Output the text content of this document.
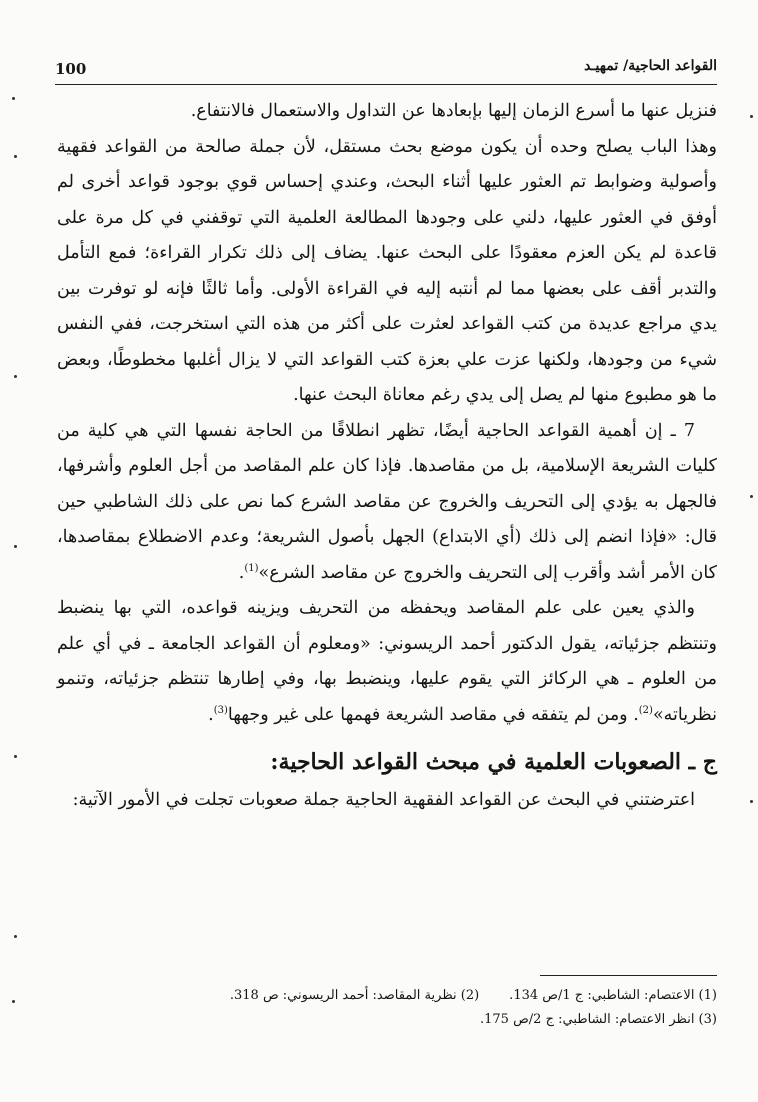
100	القواعد الحاجية/ تمهيـد

فنزيل عنها ما أسرع الزمان إليها بإبعادها عن التداول والاستعمال فالانتفاع.

وهذا الباب يصلح وحده أن يكون موضع بحث مستقل، لأن جملة صالحة من القواعد فقهية وأصولية وضوابط تم العثور عليها أثناء البحث، وعندي إحساس قوي بوجود قواعد أخرى لم أوفق في العثور عليها، دلني على وجودها المطالعة العلمية التي توقفني في كل مرة على قاعدة لم يكن العزم معقودًا على البحث عنها. يضاف إلى ذلك تكرار القراءة؛ فمع التأمل والتدبر أقف على بعضها مما لم أنتبه إليه في القراءة الأولى. وأما ثالثًا فإنه لو توفرت بين يدي مراجع عديدة من كتب القواعد لعثرت على أكثر من هذه التي استخرجت، ففي النفس شيء من وجودها، ولكنها عزت علي بعزة كتب القواعد التي لا يزال أغلبها مخطوطًا، وبعض ما هو مطبوع منها لم يصل إلى يدي رغم معاناة البحث عنها.

7 ـ إن أهمية القواعد الحاجية أيضًا، تظهر انطلاقًا من الحاجة نفسها التي هي كلية من كليات الشريعة الإسلامية، بل من مقاصدها. فإذا كان علم المقاصد من أجل العلوم وأشرفها، فالجهل به يؤدي إلى التحريف والخروج عن مقاصد الشرع كما نص على ذلك الشاطبي حين قال: «فإذا انضم إلى ذلك (أي الابتداع) الجهل بأصول الشريعة؛ وعدم الاضطلاع بمقاصدها، كان الأمر أشد وأقرب إلى التحريف والخروج عن مقاصد الشرع»$^{(1)}$.

والذي يعين على علم المقاصد ويحفظه من التحريف ويزينه قواعده، التي بها ينضبط وتنتظم جزئياته، يقول الدكتور أحمد الريسوني: «ومعلوم أن القواعد الجامعة ـ في أي علم من العلوم ـ هي الركائز التي يقوم عليها، وينضبط بها، وفي إطارها تنتظم جزئياته، وتنمو نظرياته»$^{(2)}$. ومن لم يتفقه في مقاصد الشريعة فهمها على غير وجهها$^{(3)}$.

ج ـ الصعوبات العلمية في مبحث القواعد الحاجية:

اعترضتني في البحث عن القواعد الفقهية الحاجية جملة صعوبات تجلت في الأمور الآتية:

(1) الاعتصام: الشاطبي: ج 1/ص 134.(2) نظرية المقاصد: أحمد الريسوني: ص 318.

(3) انظر الاعتصام: الشاطبي: ج 2/ص 175.
